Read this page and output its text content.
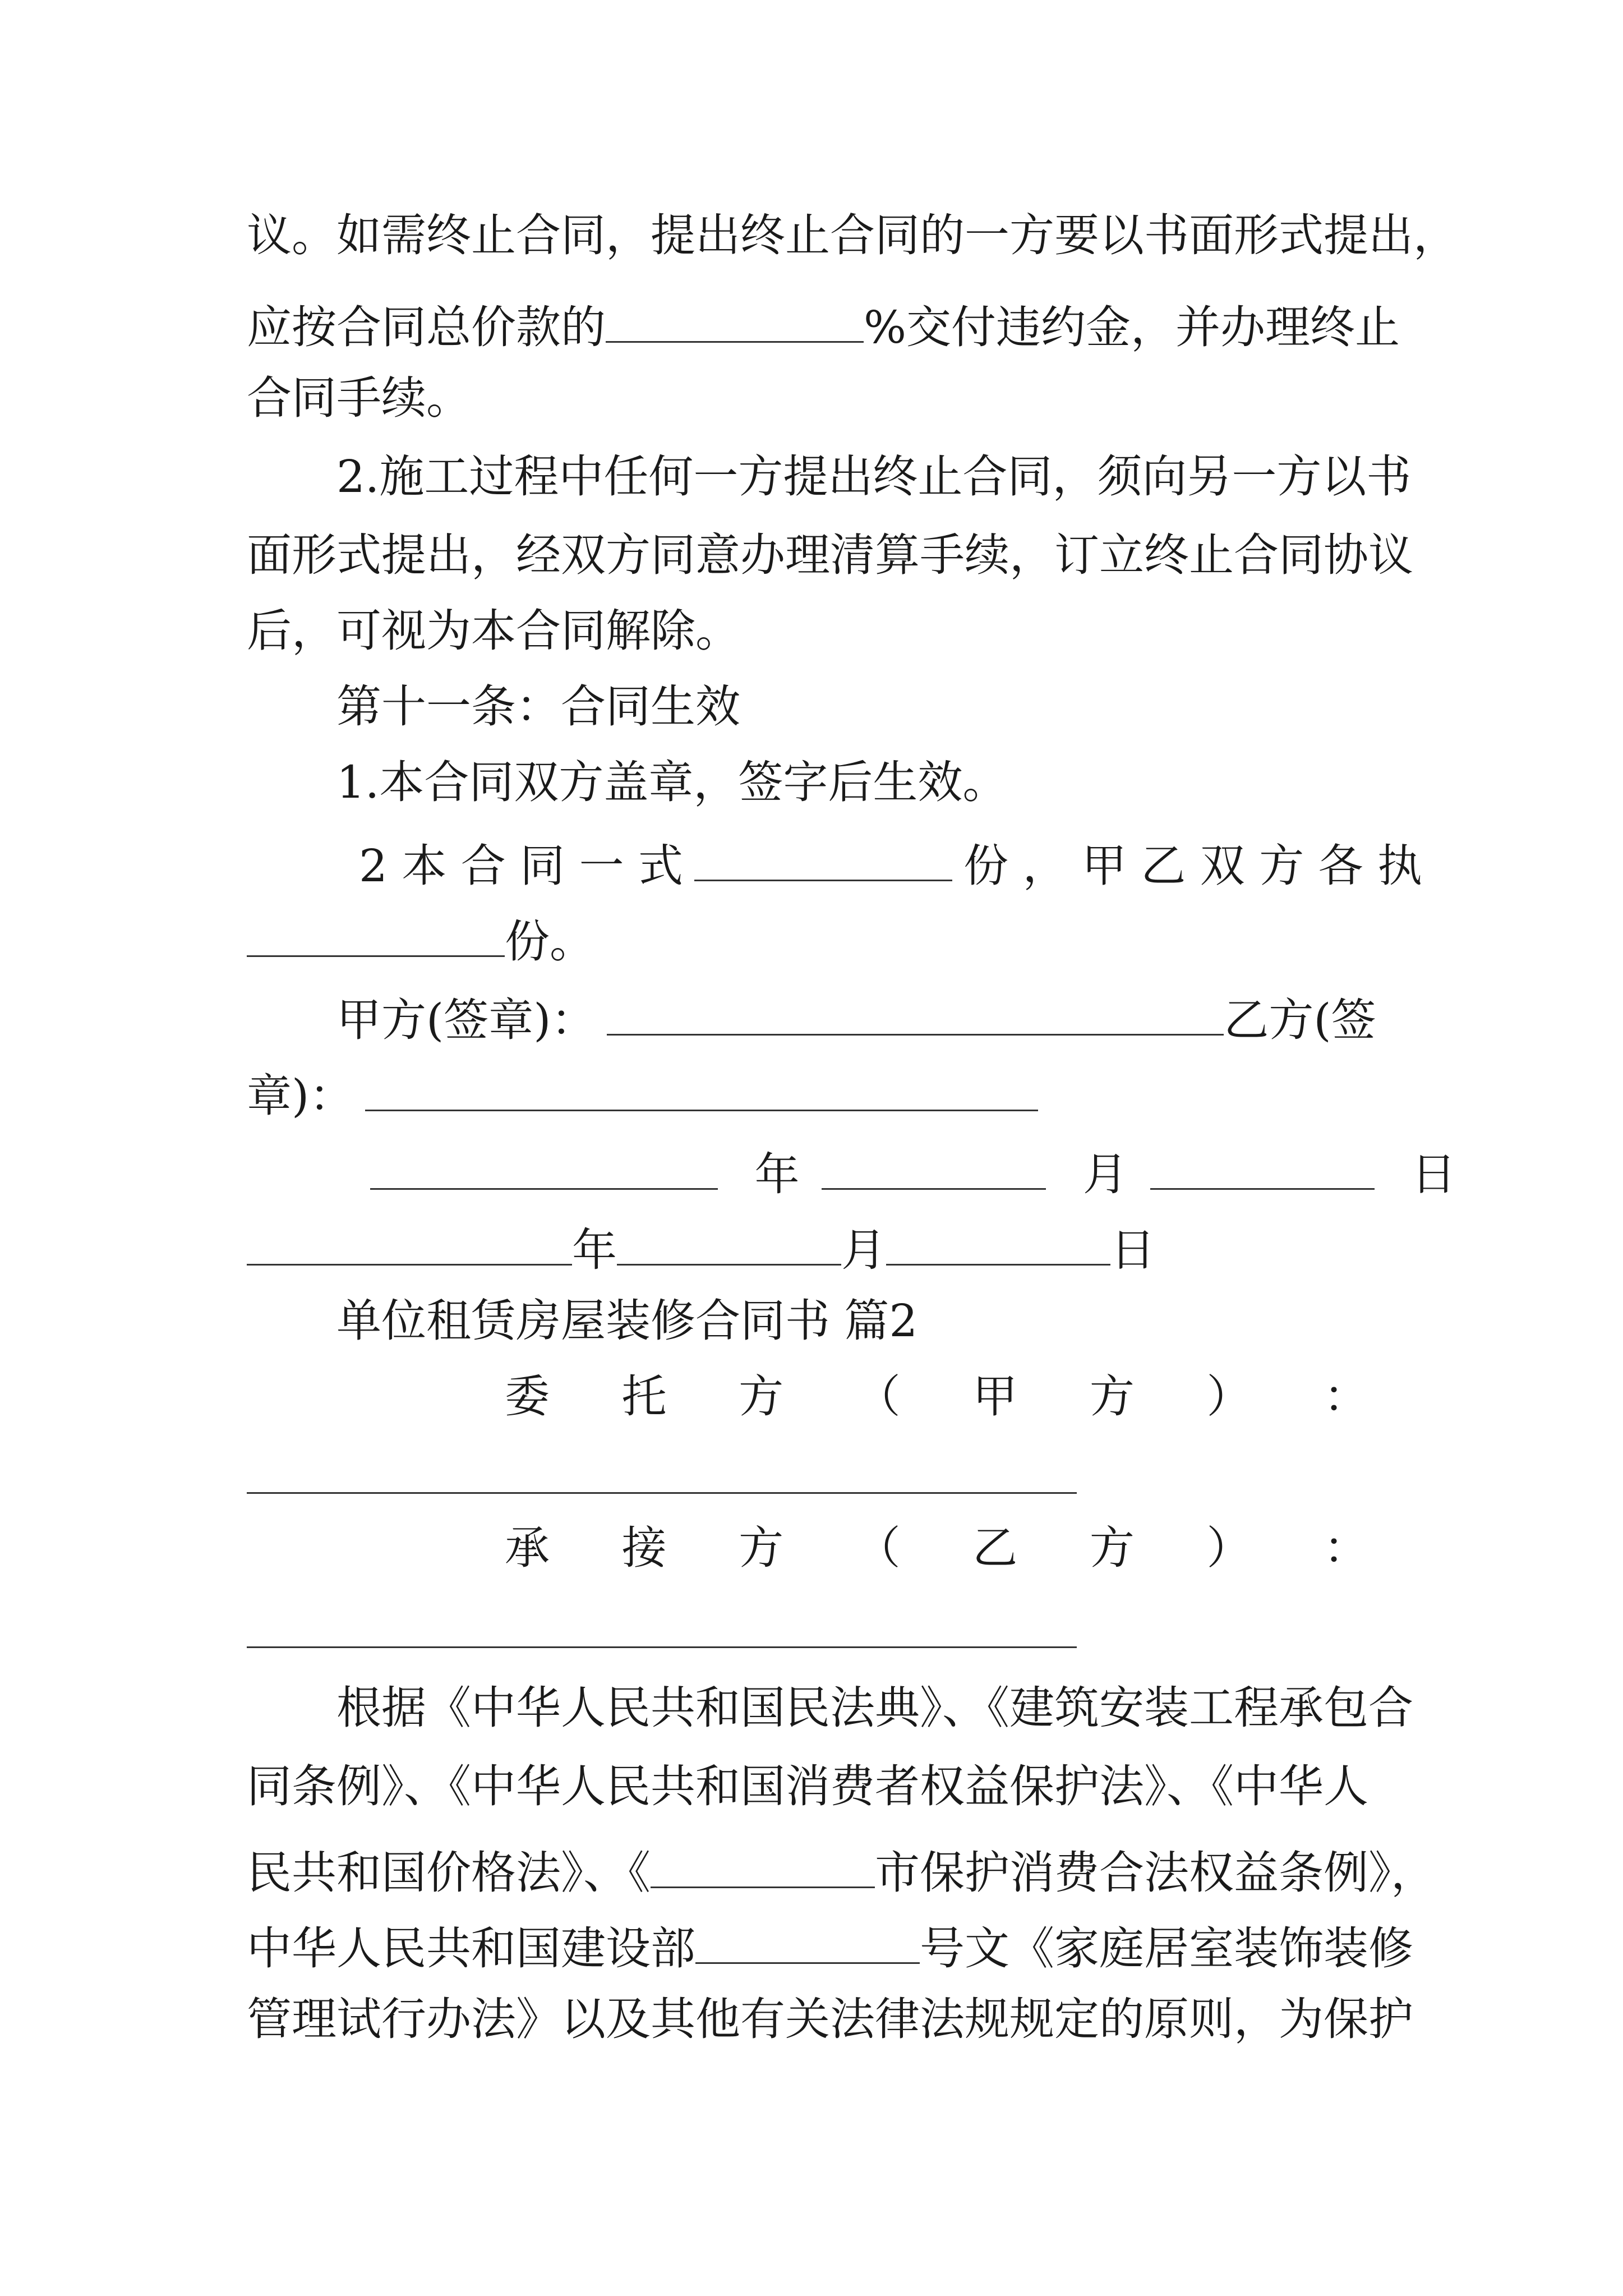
议。如需终止合同，提出终止合同的一方要以书面形式提出，
应按合同总价款的	%交付违约金，并办理终止
合同手续。
2.施工过程中任何一方提出终止合同，须向另一方以书
面形式提出，经双方同意办理清算手续，订立终止合同协议
后，可视为本合同解除。
第十一条：合同生效
1.本合同双方盖章，签字后生效。
2 本 合 同 一 式	份 ， 甲 乙 双 方 各 执
份。
甲方(签章)：	乙方(签
章)：
年	月	日
年	月	日
单位租赁房屋装修合同书 篇2
委 托 方 （ 甲 方 ） ：
承 接 方 （ 乙 方 ） ：
根据《中华人民共和国民法典》、《建筑安装工程承包合
同条例》、《中华人民共和国消费者权益保护法》、《中华人
民共和国价格法》、《	市保护消费合法权益条例》，
中华人民共和国建设部	号文《家庭居室装饰装修
管理试行办法》以及其他有关法律法规规定的原则，为保护
